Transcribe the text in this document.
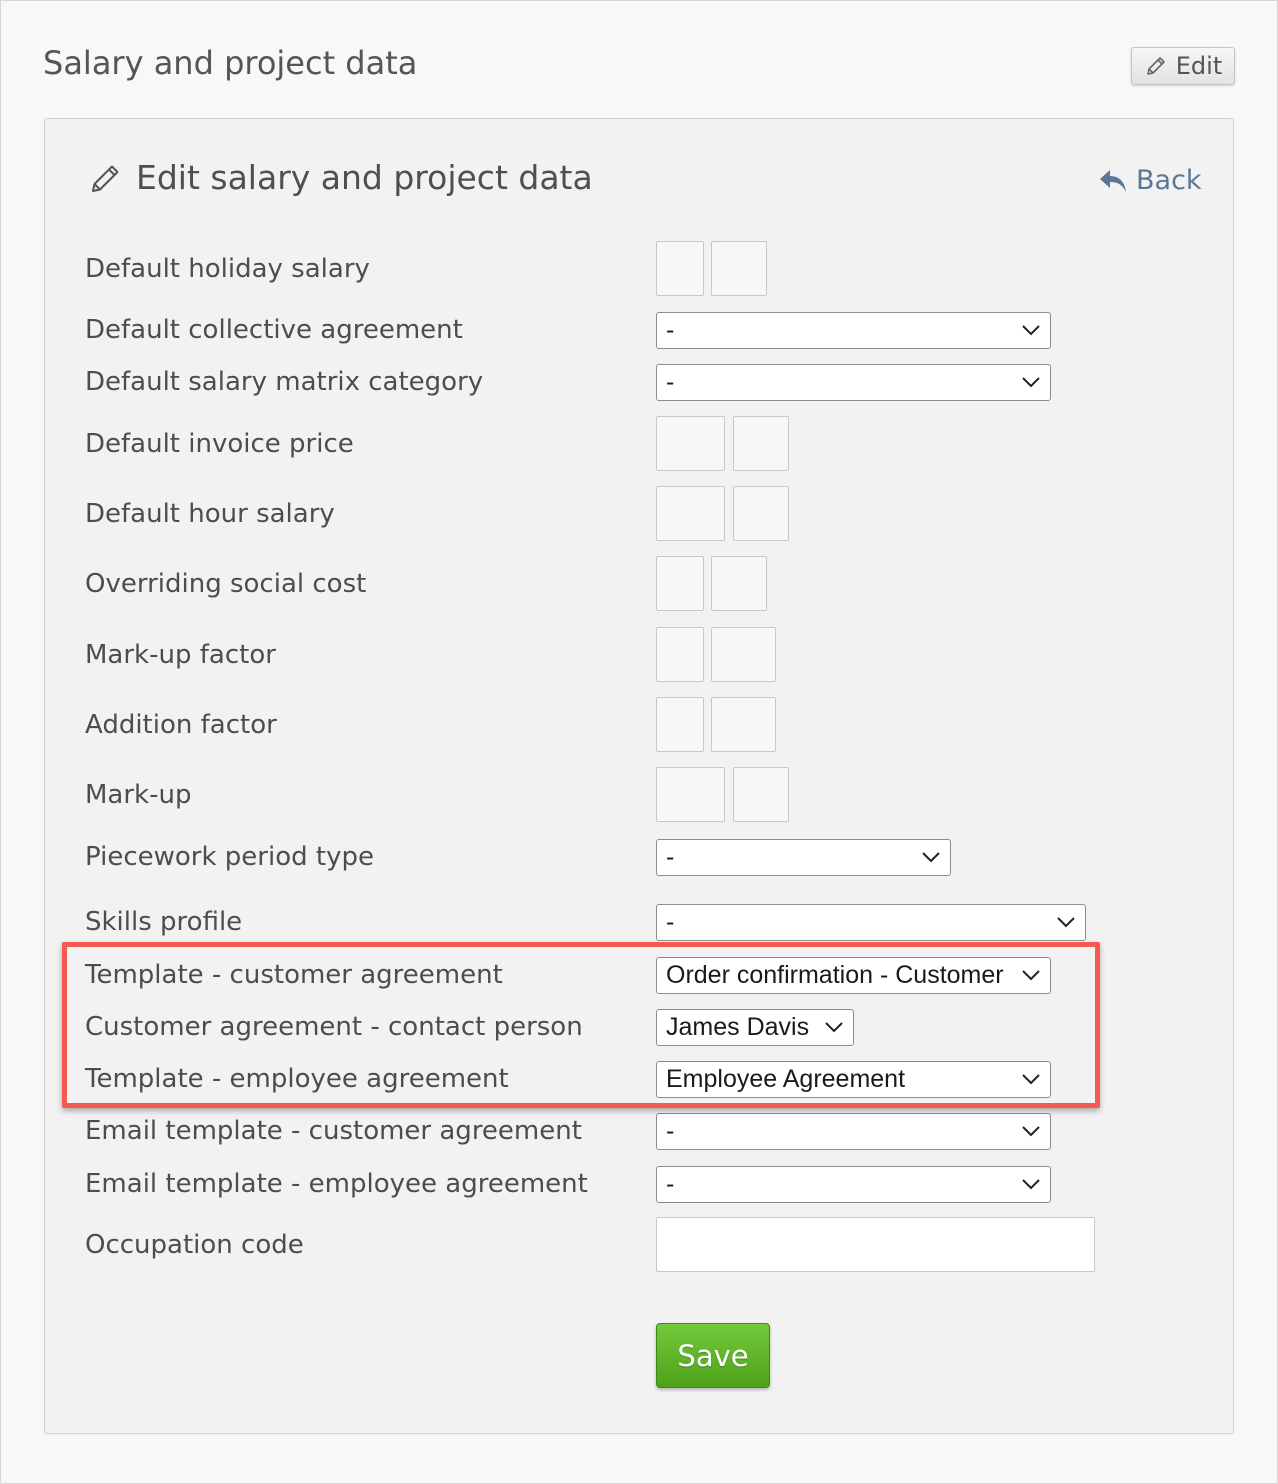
Salary and project data	Edit
Edit salary and project data	Back
Default holiday salary
Default collective agreement	-
Default salary matrix category	-
Default invoice price
Default hour salary
Overriding social cost
Mark-up factor
Addition factor
Mark-up
Piecework period type	-
Skills profile	-
Template - customer agreement	Order confirmation - Customer
Customer agreement - contact person	James Davis
Template - employee agreement	Employee Agreement
Email template - customer agreement	-
Email template - employee agreement	-
Occupation code
Save
